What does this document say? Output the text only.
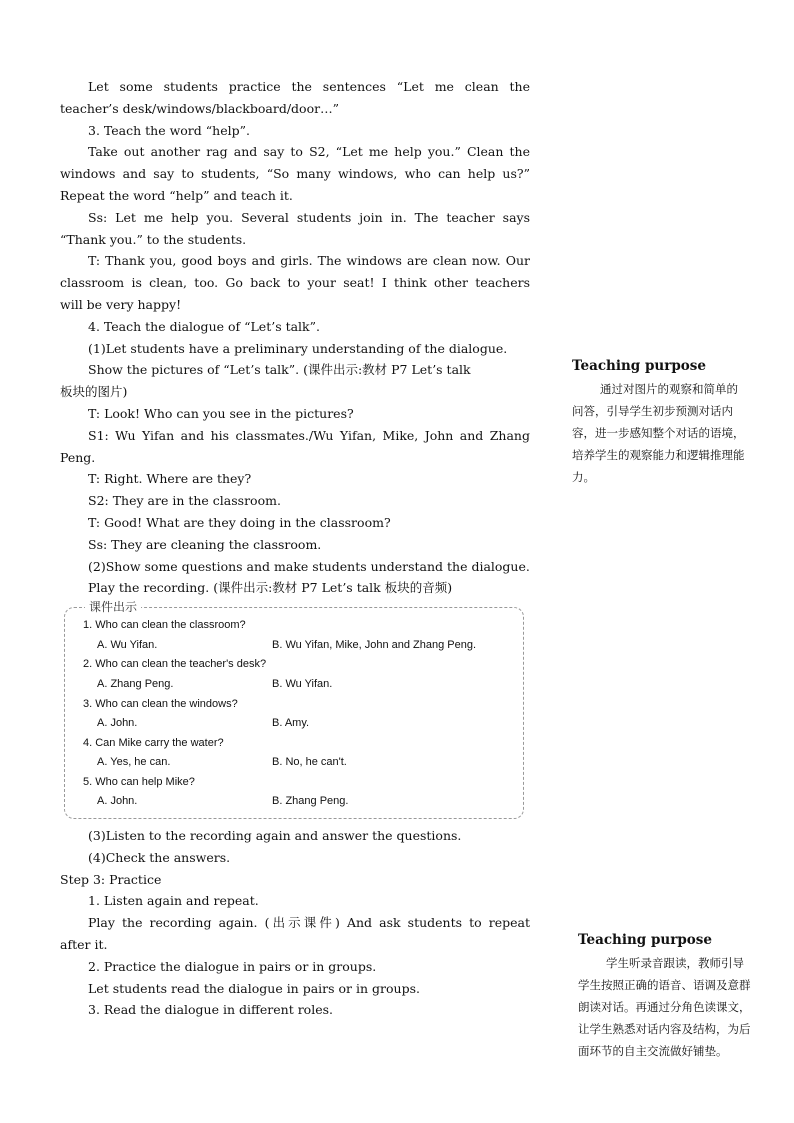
Let some students practice the sentences “Let me clean the
teacher’s desk/windows/blackboard/door…”
3. Teach the word “help”.
Take out another rag and say to S2, “Let me help you.” Clean the
windows and say to students, “So many windows, who can help us?”
Repeat the word “help” and teach it.
Ss: Let me help you. Several students join in. The teacher says
“Thank you.” to the students.
T: Thank you, good boys and girls. The windows are clean now. Our
classroom is clean, too. Go back to your seat! I think other teachers
will be very happy!
4. Teach the dialogue of “Let’s talk”.
(1)Let students have a preliminary understanding of the dialogue.
Show the pictures of “Let’s talk”. (课件出示:教材 P7 Let’s talk
板块的图片)
T: Look! Who can you see in the pictures?
S1: Wu Yifan and his classmates./Wu Yifan, Mike, John and Zhang
Peng.
T: Right. Where are they?
S2: They are in the classroom.
T: Good! What are they doing in the classroom?
Ss: They are cleaning the classroom.
(2)Show some questions and make students understand the dialogue.
Play the recording. (课件出示:教材 P7 Let’s talk 板块的音频)
课件出示
1. Who can clean the classroom?
A. Wu Yifan.	B. Wu Yifan, Mike, John and Zhang Peng.
2. Who can clean the teacher's desk?
A. Zhang Peng.	B. Wu Yifan.
3. Who can clean the windows?
A. John.	B. Amy.
4. Can Mike carry the water?
A. Yes, he can.	B. No, he can't.
5. Who can help Mike?
A. John.	B. Zhang Peng.
(3)Listen to the recording again and answer the questions.
(4)Check the answers.
Step 3: Practice
1. Listen again and repeat.
Play the recording again. (出示课件) And ask students to repeat
after it.
2. Practice the dialogue in pairs or in groups.
Let students read the dialogue in pairs or in groups.
3. Read the dialogue in different roles.
Teaching purpose
通过对图片的观察和简单的问答，引导学生初步预测对话内容，进一步感知整个对话的语境，培养学生的观察能力和逻辑推理能力。
Teaching purpose
学生听录音跟读，教师引导学生按照正确的语音、语调及意群朗读对话。再通过分角色读课文，让学生熟悉对话内容及结构，为后面环节的自主交流做好铺垫。
